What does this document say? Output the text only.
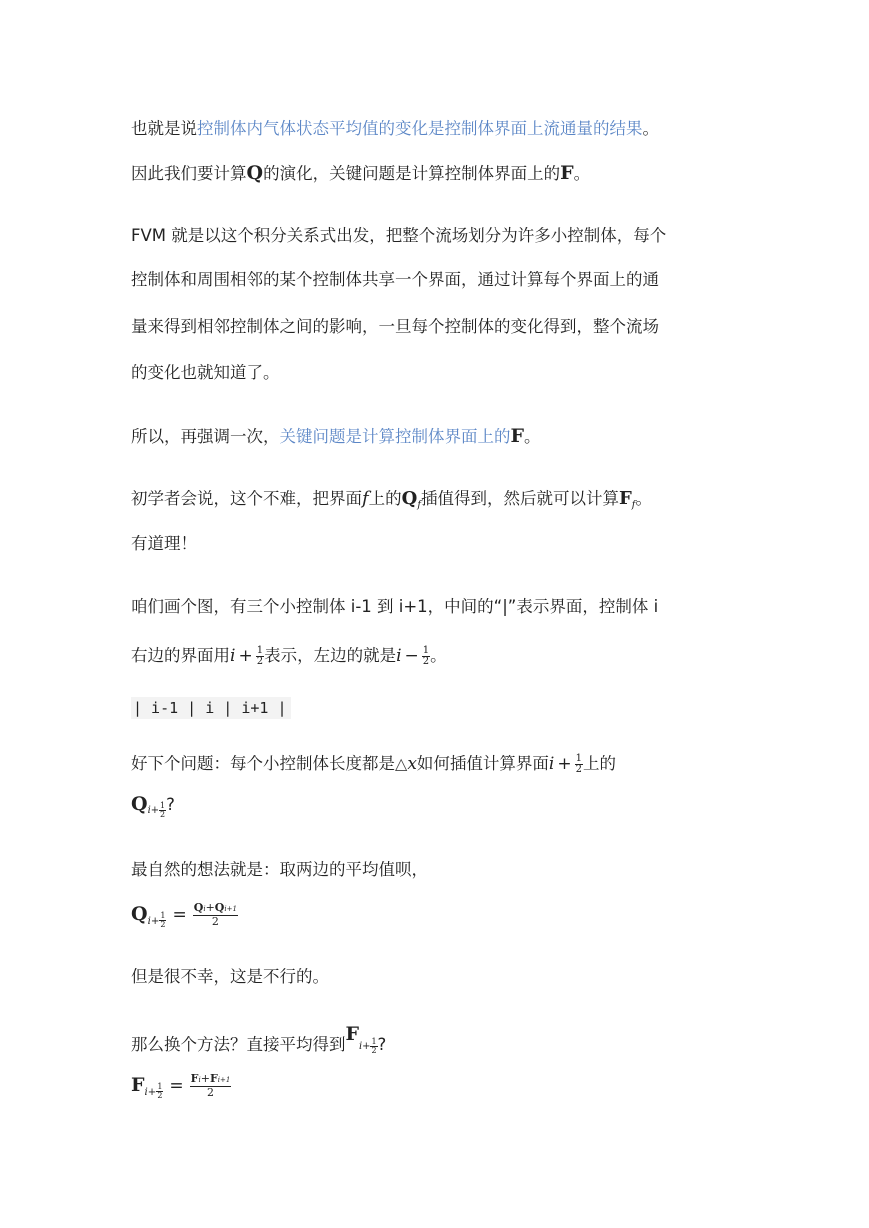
也就是说控制体内气体状态平均值的变化是控制体界面上流通量的结果。
因此我们要计算Q的演化，关键问题是计算控制体界面上的F。
FVM 就是以这个积分关系式出发，把整个流场划分为许多小控制体，每个
控制体和周围相邻的某个控制体共享一个界面，通过计算每个界面上的通
量来得到相邻控制体之间的影响，一旦每个控制体的变化得到，整个流场
的变化也就知道了。
所以，再强调一次，关键问题是计算控制体界面上的F。
初学者会说，这个不难，把界面f上的$Q_f$插值得到，然后就可以计算$F_f$。
有道理！
咱们画个图，有三个小控制体 i-1 到 i+1，中间的“|”表示界面，控制体 i
右边的界面用$i + \frac{1}{2}$ 表示，左边的就是$i - \frac{1}{2}$ 。
| i-1 | i | i+1 |
好下个问题：每个小控制体长度都是△x如何插值计算界面$i + \frac{1}{2}$ 上的
$Q_{i+ \frac{1}{2}}$ ?
最自然的想法就是：取两边的平均值呗，
$Q_{i+ \frac{1}{2}} = \frac{Qi+Qi+1}{2}$
但是很不幸，这是不行的。
那么换个方法？直接平均得到$F_{i+ \frac{1}{2}}$ ?
$F_{i+ \frac{1}{2}} = \frac{Fi+Fi+1}{2}$
